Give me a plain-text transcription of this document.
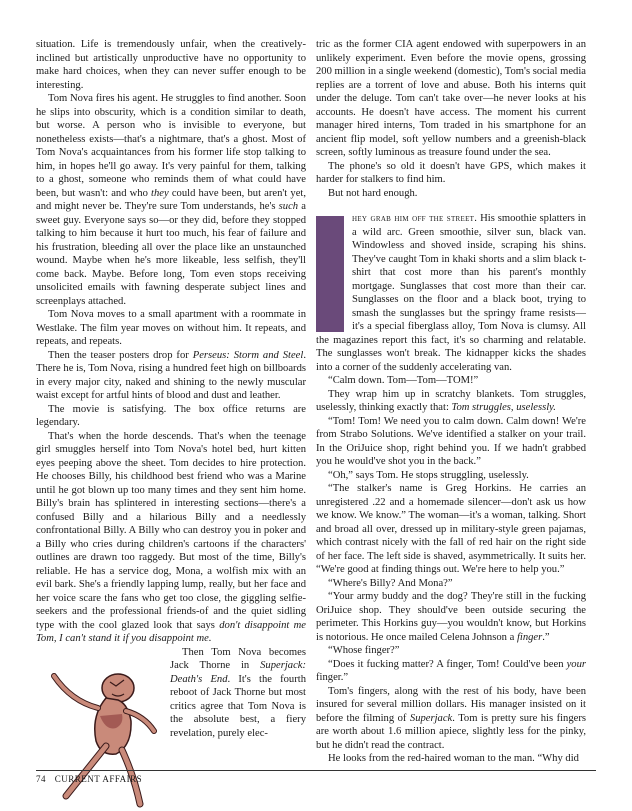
situation. Life is tremendously unfair, when the creatively-inclined but artistically unproductive have no opportunity to make hard choices, when they can never suffer enough to be interesting.

Tom Nova fires his agent. He struggles to find another. Soon he slips into obscurity, which is a condition similar to death, but worse. A person who is invisible to everyone, but nonetheless exists—that's a nightmare, that's a ghost. Most of Tom Nova's acquaintances from his former life stop talking to him, in hopes he'll go away. It's very painful for them, talking to a ghost, someone who reminds them of what could have been, but wasn't: and who they could have been, but aren't yet, and might never be. They're sure Tom understands, he's such a sweet guy. Everyone says so—or they did, before they stopped talking to him because it hurt too much, his fear of failure and his frustration, bleeding all over the place like an unstaunched wound. Maybe when he's more likeable, less selfish, they'll come back. Maybe. Before long, Tom even stops receiving unsolicited emails with fawning desperate subject lines and screenplays attached.

Tom Nova moves to a small apartment with a roommate in Westlake. The film year moves on without him. It repeats, and repeats, and repeats.

Then the teaser posters drop for Perseus: Storm and Steel. There he is, Tom Nova, rising a hundred feet high on billboards in every major city, naked and shining to the newly muscular waist except for artful hints of blood and dust and leather.

The movie is satisfying. The box office returns are legendary.

That's when the horde descends. That's when the teenage girl smuggles herself into Tom Nova's hotel bed, hurt kitten eyes peeping above the sheet. Tom decides to hire protection. He chooses Billy, his childhood best friend who was a Marine until he got blown up too many times and they sent him home. Billy's brain has splintered in interesting sections—there's a confused Billy and a hilarious Billy and a needlessly confrontational Billy. A Billy who can destroy you in poker and a Billy who cries during children's cartoons if the characters' outlines are drawn too raggedy. But most of the time, Billy's reliable. He has a service dog, Mona, a wolfish mix with an evil bark. She's a friendly lapping lump, really, but her face and her voice scare the fans who get too close, the giggling selfie-seekers and the professional friends-of and the quiet sidling type with the cool glazed look that says don't disappoint me Tom, I can't stand it if you disappoint me.

Then Tom Nova becomes Jack Thorne in Superjack: Death's End. It's the fourth reboot of Jack Thorne but most critics agree that Tom Nova is the absolute best, a fiery revelation, purely elec-

tric as the former CIA agent endowed with superpowers in an unlikely experiment. Even before the movie opens, grossing 200 million in a single weekend (domestic), Tom's social media replies are a torrent of love and abuse. Both his interns quit under the deluge. Tom can't take over—he never looks at his accounts. He doesn't have access. The moment his current manager hired interns, Tom traded in his smartphone for an ancient flip model, soft yellow numbers and a greenish-black screen, softly luminous as treasure found under the sea.

The phone's so old it doesn't have GPS, which makes it harder for stalkers to find him.

But not hard enough.

T	hey grab him off the street. His smoothie splatters in a wild arc. Green smoothie, silver sun, black van. Windowless and shoved inside, scraping his shins. They've caught Tom in khaki shorts and a slim black t-shirt that cost more than his parent's monthly mortgage. Sunglasses that cost more than their car. Sunglasses on the floor and a black boot, trying to smash the sunglasses but the springy frame resists—it's a special fiberglass alloy, Tom Nova is clumsy. All the magazines report this fact, it's so charming and relatable. The sunglasses won't break. The kidnapper kicks the shades into a corner of the suddenly accelerating van.

“Calm down. Tom—Tom—TOM!”

They wrap him up in scratchy blankets. Tom struggles, uselessly, thinking exactly that: Tom struggles, uselessly.

“Tom! Tom! We need you to calm down. Calm down! We're from Strabo Solutions. We've identified a stalker on your trail. In the OriJuice shop, right behind you. If we hadn't grabbed you he would've shot you in the back.”

“Oh,” says Tom. He stops struggling, uselessly.

“The stalker's name is Greg Horkins. He carries an unregistered .22 and a homemade silencer—don't ask us how we know. We know.” The woman—it's a woman, talking. Short and broad all over, dressed up in military-style green pajamas, which contrast nicely with the fall of red hair on the right side of her face. The left side is shaved, asymmetrically. It suits her. “We're good at finding things out. We're here to help you.”

“Where's Billy? And Mona?”

“Your army buddy and the dog? They're still in the fucking OriJuice shop. They should've been outside securing the perimeter. This Horkins guy—you wouldn't know, but Horkins is notorious. He once mailed Celena Johnson a finger.”

“Whose finger?”

“Does it fucking matter? A finger, Tom! Could've been your finger.”

Tom's fingers, along with the rest of his body, have been insured for several million dollars. His manager insisted on it before the filming of Superjack. Tom is pretty sure his fingers are worth about 1.6 million apiece, slightly less for the pinky, but he didn't read the contract.

He looks from the red-haired woman to the man. “Why did

74 CURRENT AFFAIRS
